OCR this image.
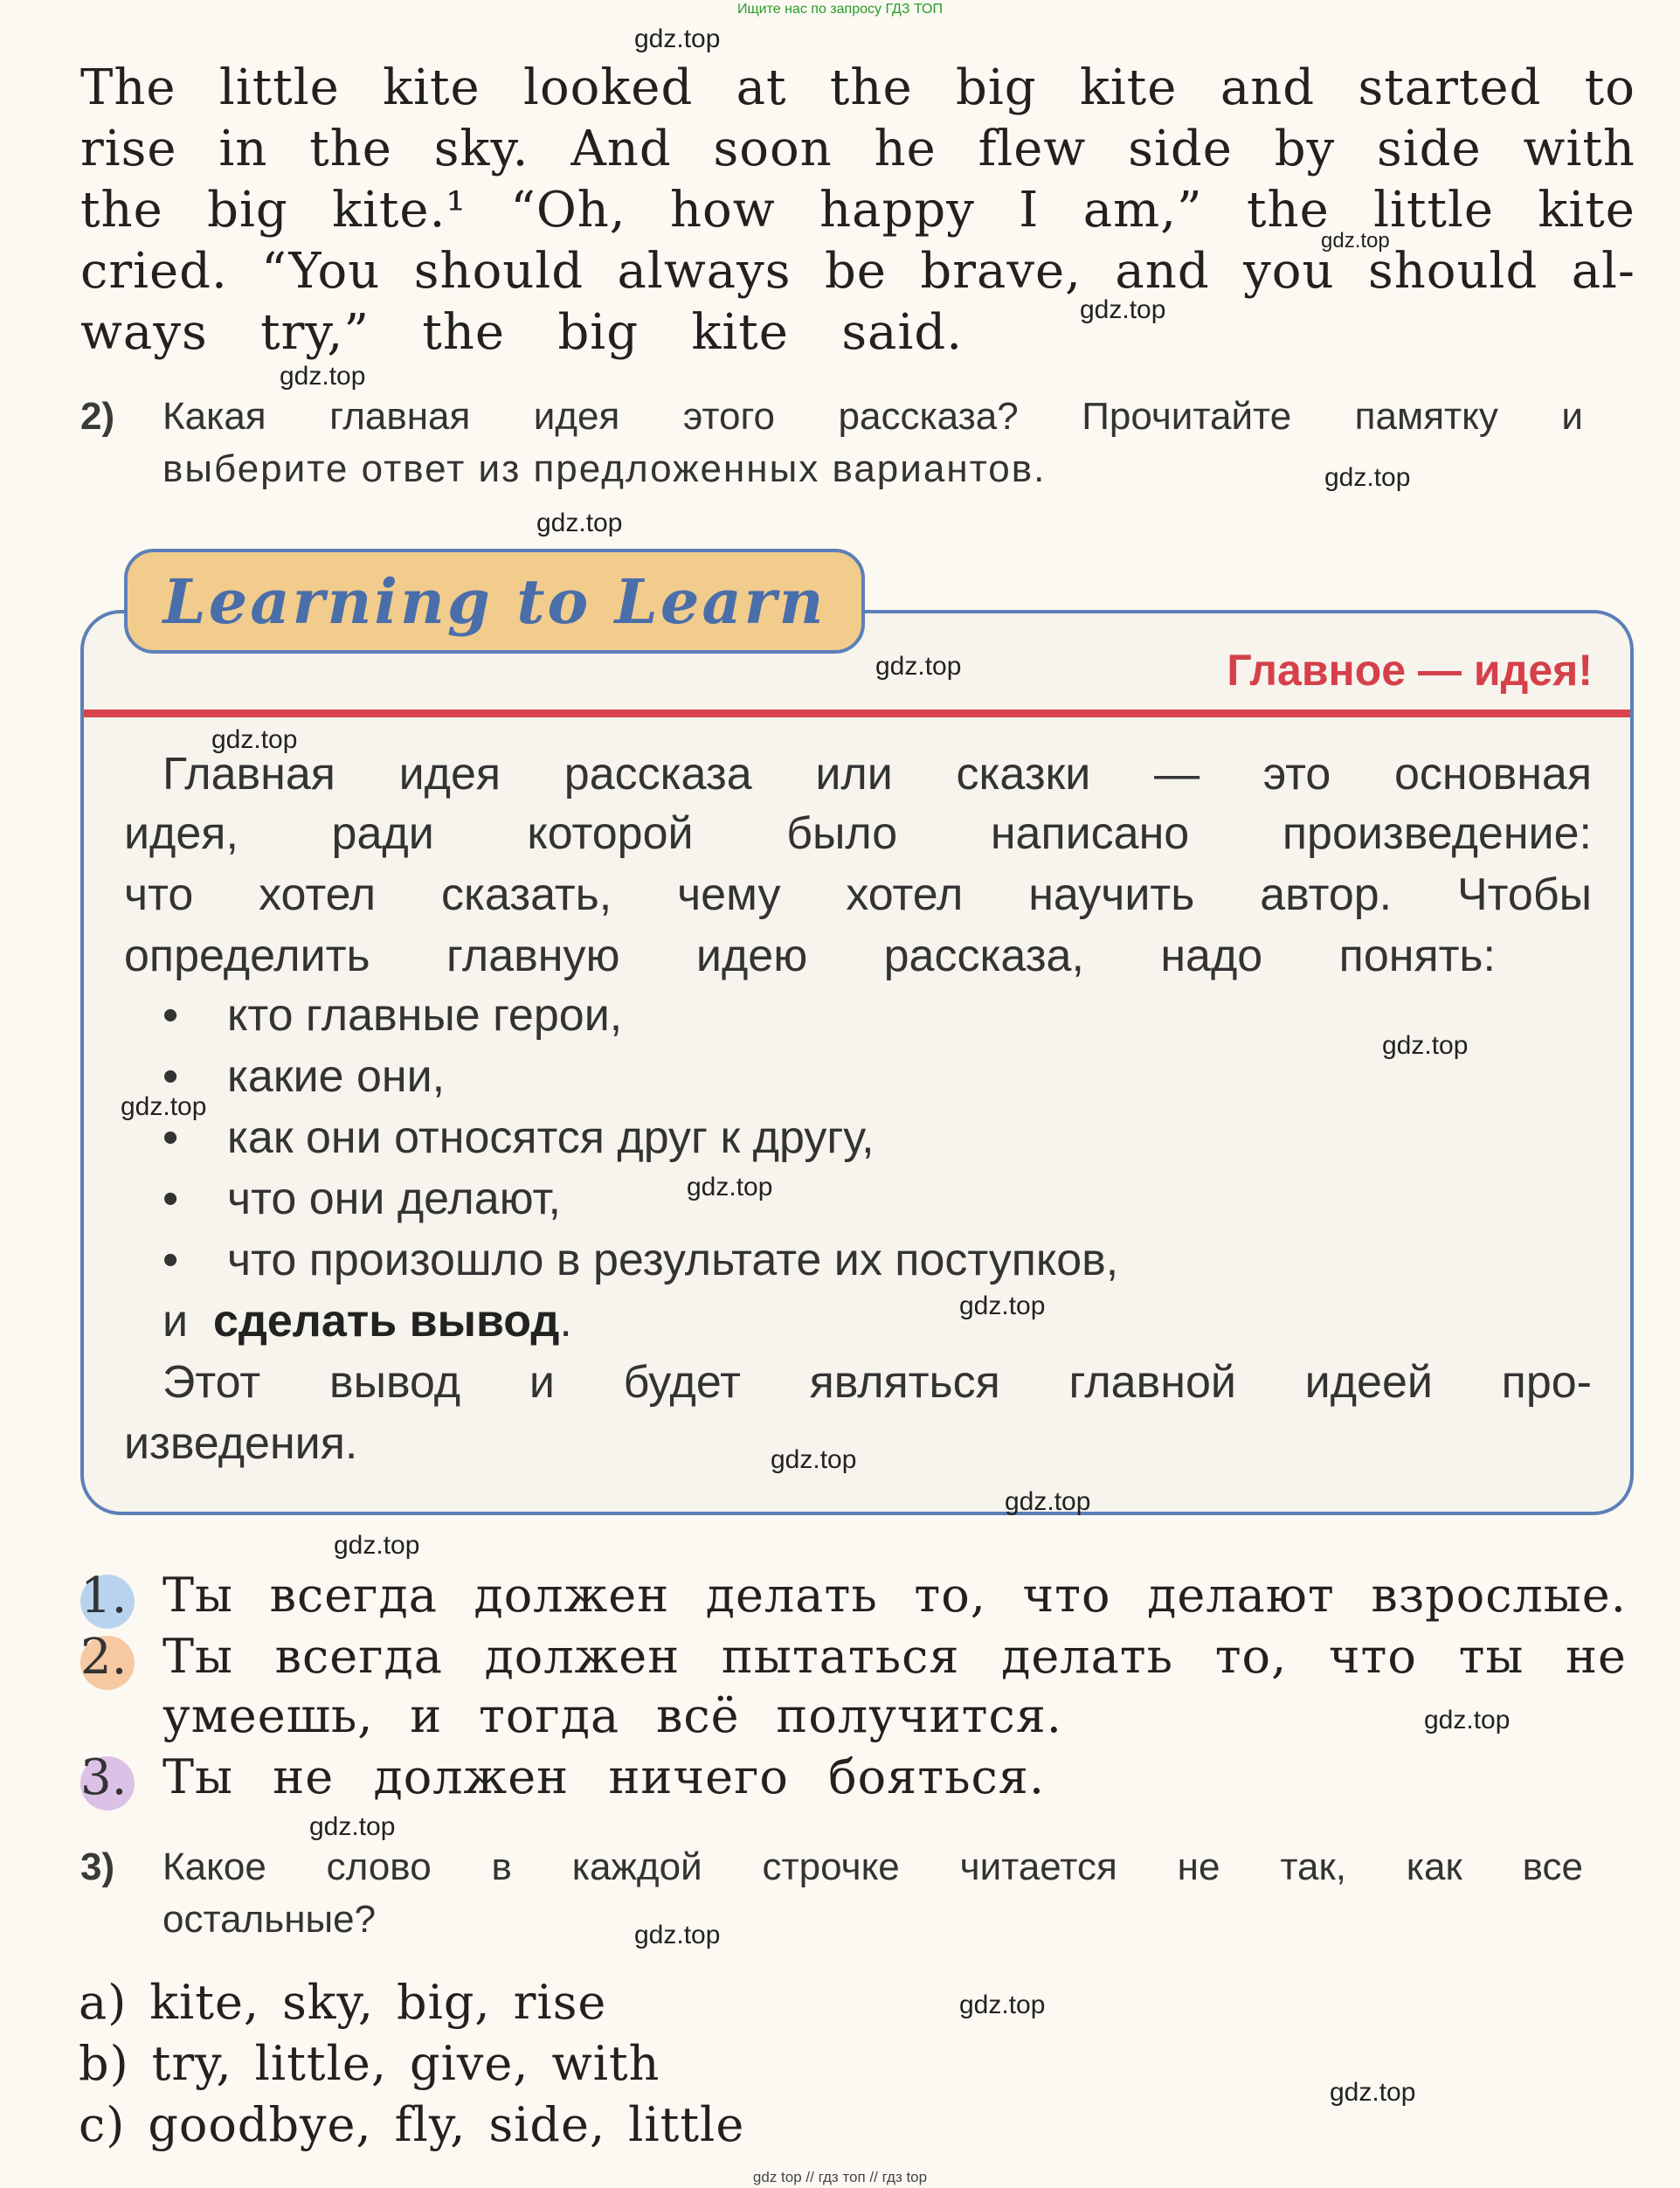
Ищите нас по запросу ГДЗ ТОП
The little kite looked at the big kite and started to
rise in the sky. And soon he flew side by side with
the big kite.¹ “Oh, how happy I am,” the little kite
cried. “You should always be brave, and you should al-
ways try,” the big kite said.
2) Какая главная идея этого рассказа? Прочитайте памятку и
выберите ответ из предложенных вариантов.
Learning to Learn
Главное — идея!
Главная идея рассказа или сказки — это основная
идея, ради которой было написано произведение:
что хотел сказать, чему хотел научить автор. Чтобы
определить главную идею рассказа, надо понять:
• кто главные герои,
• какие они,
• как они относятся друг к другу,
• что они делают,
• что произошло в результате их поступков,
и сделать вывод.
Этот вывод и будет являться главной идеей про-
изведения.
1. Ты всегда должен делать то, что делают взрослые.
2. Ты всегда должен пытаться делать то, что ты не
умеешь, и тогда всё получится.
3. Ты не должен ничего бояться.
3) Какое слово в каждой строчке читается не так, как все
остальные?
a) kite, sky, big, rise
b) try, little, give, with
c) goodbye, fly, side, little
gdz.top
gdz.top
gdz.top
gdz.top
gdz.top
gdz.top
gdz.top
gdz.top
gdz.top
gdz.top
gdz.top
gdz.top
gdz.top
gdz.top
gdz.top
gdz.top
gdz.top
gdz.top
gdz.top
gdz.top
gdz top // гдз топ // гдз top
